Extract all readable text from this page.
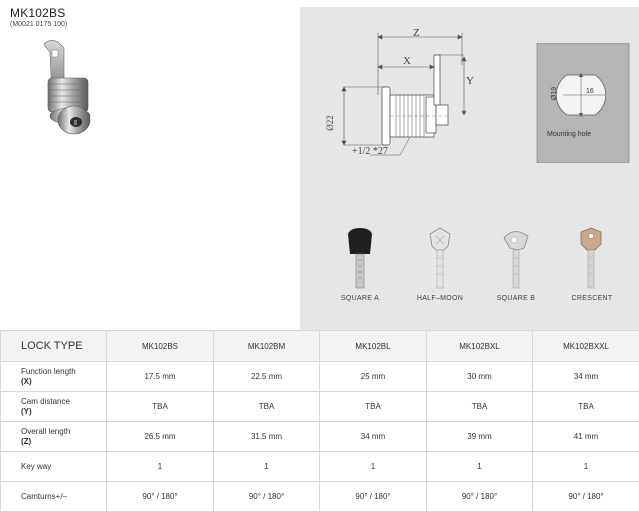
MK102BS
(M0021 0175 100)
Z
X
Y
Ø22
+1/2 *27
Ø19	16
Mounting hole
SQUARE A	HALF–MOON	SQUARE B	CRESCENT
LOCK TYPE	MK102BS	MK102BM	MK102BL	MK102BXL	MK102BXXL
Function length
(X)	17.5 mm	22.5 mm	25 mm	30 mm	34 mm
Cam distance
(Y)	TBA	TBA	TBA	TBA	TBA
Overall length
(Z)	26.5 mm	31.5 mm	34 mm	39 mm	41 mm
Key way	1	1	1	1	1
Camturns+/–	90° / 180°	90° / 180°	90° / 180°	90° / 180°	90° / 180°
